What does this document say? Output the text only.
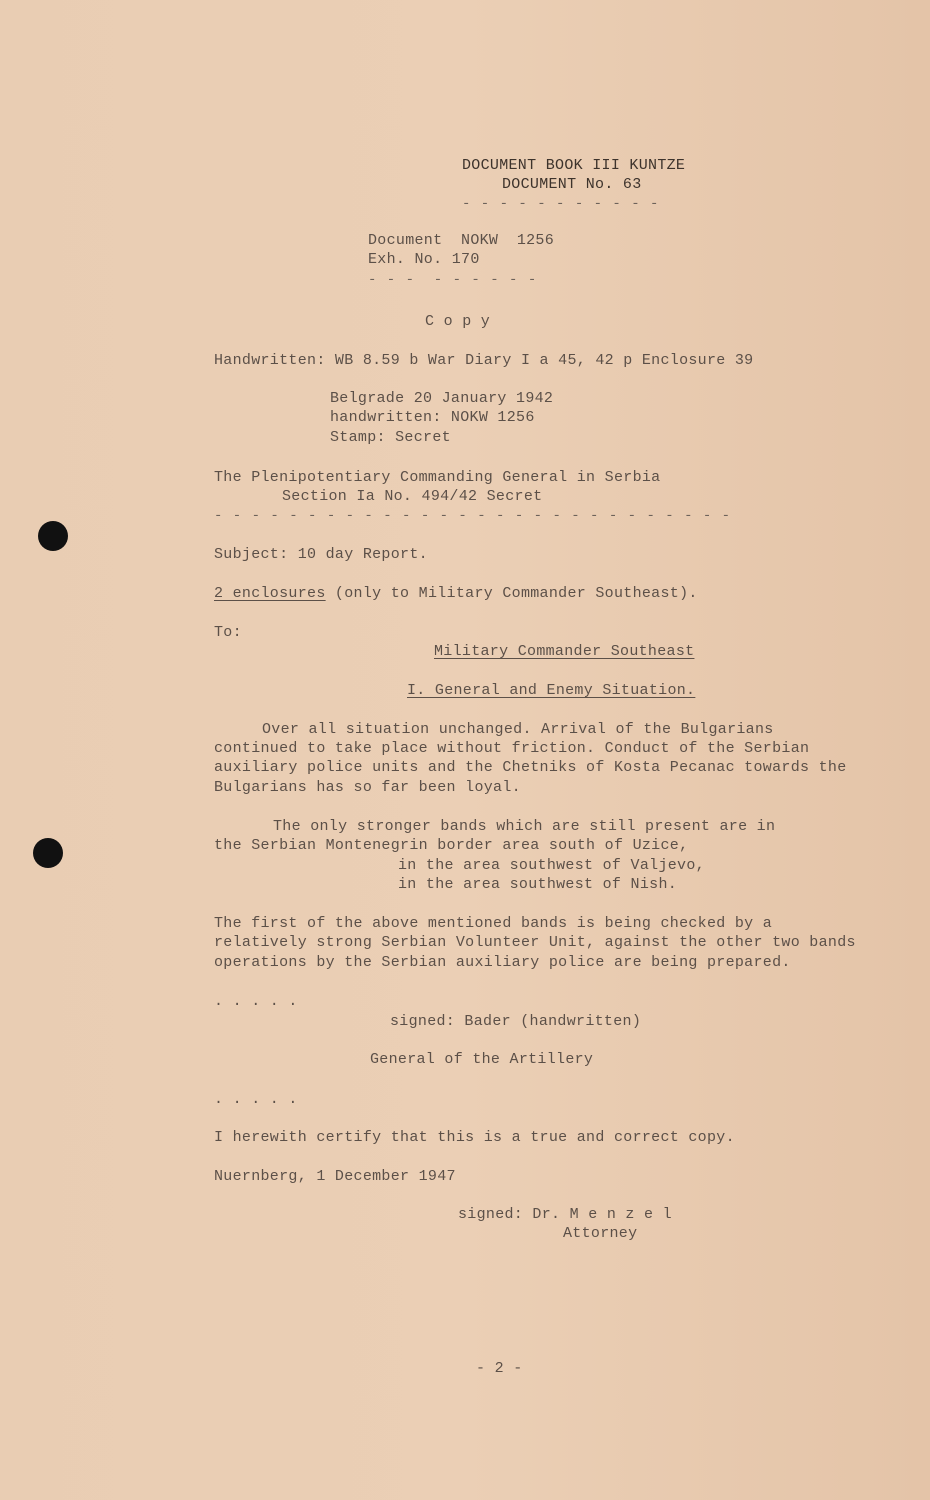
DOCUMENT BOOK III KUNTZE
DOCUMENT No. 63
- - - - - - - - - - -
Document  NOKW  1256
Exh. No. 170
- - -  - - - - - -
C o p y
Handwritten: WB 8.59 b War Diary I a 45, 42 p Enclosure 39
Belgrade 20 January 1942
handwritten: NOKW 1256
Stamp: Secret
The Plenipotentiary Commanding General in Serbia
Section Ia No. 494/42 Secret
- - - - - - - - - - - - - - - - - - - - - - - - - - - -
Subject: 10 day Report.
2 enclosures (only to Military Commander Southeast).
To:
Military Commander Southeast
I. General and Enemy Situation.
Over all situation unchanged. Arrival of the Bulgarians
continued to take place without friction. Conduct of the Serbian
auxiliary police units and the Chetniks of Kosta Pecanac towards the
Bulgarians has so far been loyal.
The only stronger bands which are still present are in
the Serbian Montenegrin border area south of Uzice,
in the area southwest of Valjevo,
in the area southwest of Nish.
The first of the above mentioned bands is being checked by a
relatively strong Serbian Volunteer Unit, against the other two bands
operations by the Serbian auxiliary police are being prepared.
. . . . .
signed: Bader (handwritten)
General of the Artillery
. . . . .
I herewith certify that this is a true and correct copy.
Nuernberg, 1 December 1947
signed: Dr. M e n z e l
Attorney
- 2 -
